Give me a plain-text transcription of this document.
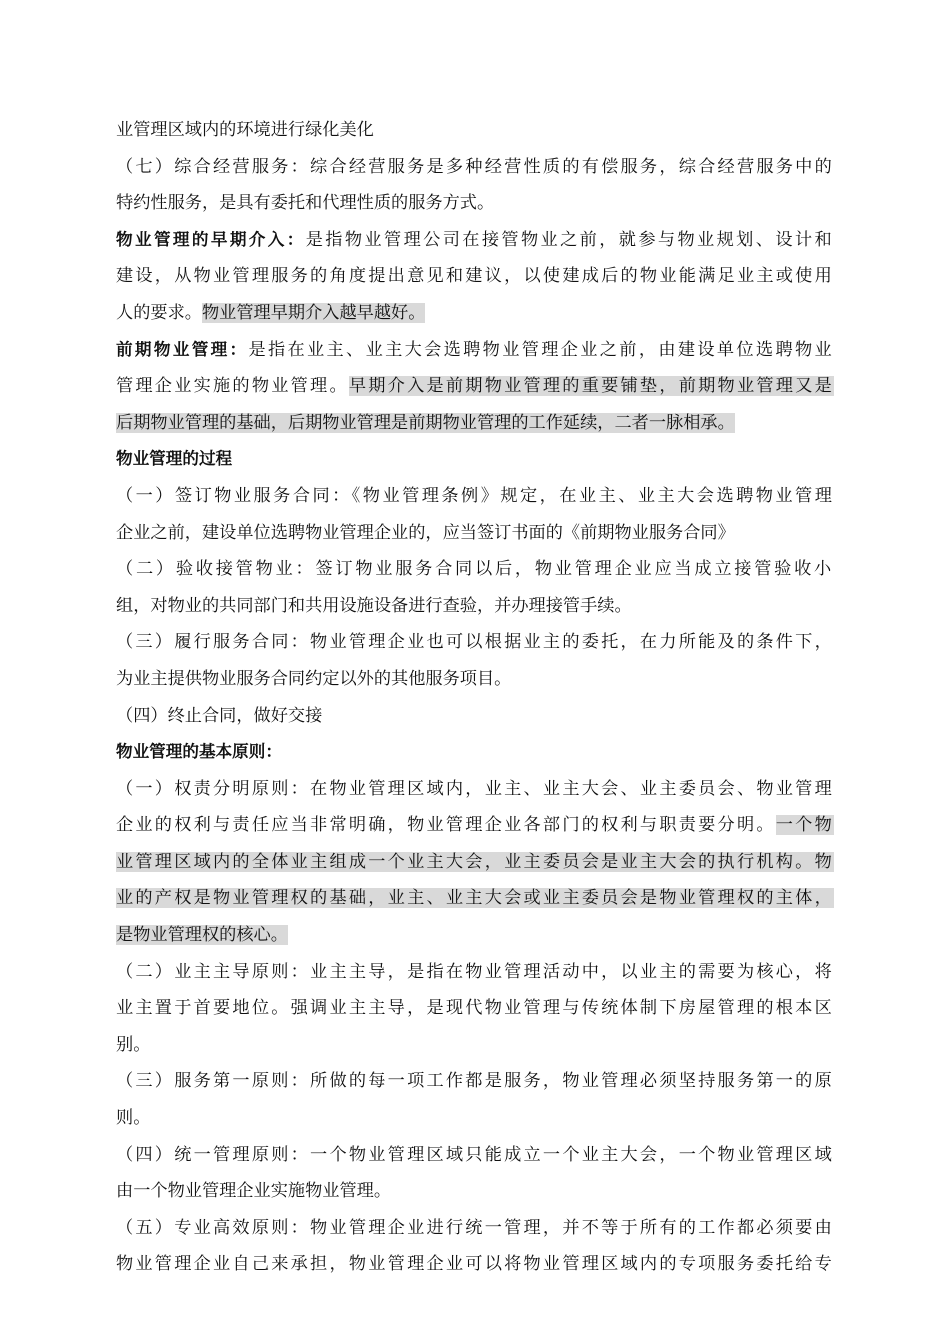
业管理区域内的环境进行绿化美化
（七）综合经营服务：综合经营服务是多种经营性质的有偿服务，综合经营服务中的
特约性服务，是具有委托和代理性质的服务方式。
物业管理的早期介入：是指物业管理公司在接管物业之前，就参与物业规划、设计和
建设，从物业管理服务的角度提出意见和建议，以使建成后的物业能满足业主或使用
人的要求。物业管理早期介入越早越好。
前期物业管理：是指在业主、业主大会选聘物业管理企业之前，由建设单位选聘物业
管理企业实施的物业管理。早期介入是前期物业管理的重要铺垫，前期物业管理又是
后期物业管理的基础，后期物业管理是前期物业管理的工作延续，二者一脉相承。
物业管理的过程
（一）签订物业服务合同：《物业管理条例》规定，在业主、业主大会选聘物业管理
企业之前，建设单位选聘物业管理企业的，应当签订书面的《前期物业服务合同》
（二）验收接管物业：签订物业服务合同以后，物业管理企业应当成立接管验收小
组，对物业的共同部门和共用设施设备进行查验，并办理接管手续。
（三）履行服务合同：物业管理企业也可以根据业主的委托，在力所能及的条件下，
为业主提供物业服务合同约定以外的其他服务项目。
（四）终止合同，做好交接
物业管理的基本原则：
（一）权责分明原则：在物业管理区域内，业主、业主大会、业主委员会、物业管理
企业的权利与责任应当非常明确，物业管理企业各部门的权利与职责要分明。一个物
业管理区域内的全体业主组成一个业主大会，业主委员会是业主大会的执行机构。物
业的产权是物业管理权的基础，业主、业主大会或业主委员会是物业管理权的主体，
是物业管理权的核心。
（二）业主主导原则：业主主导，是指在物业管理活动中，以业主的需要为核心，将
业主置于首要地位。强调业主主导，是现代物业管理与传统体制下房屋管理的根本区
别。
（三）服务第一原则：所做的每一项工作都是服务，物业管理必须坚持服务第一的原
则。
（四）统一管理原则：一个物业管理区域只能成立一个业主大会，一个物业管理区域
由一个物业管理企业实施物业管理。
（五）专业高效原则：物业管理企业进行统一管理，并不等于所有的工作都必须要由
物业管理企业自己来承担，物业管理企业可以将物业管理区域内的专项服务委托给专
